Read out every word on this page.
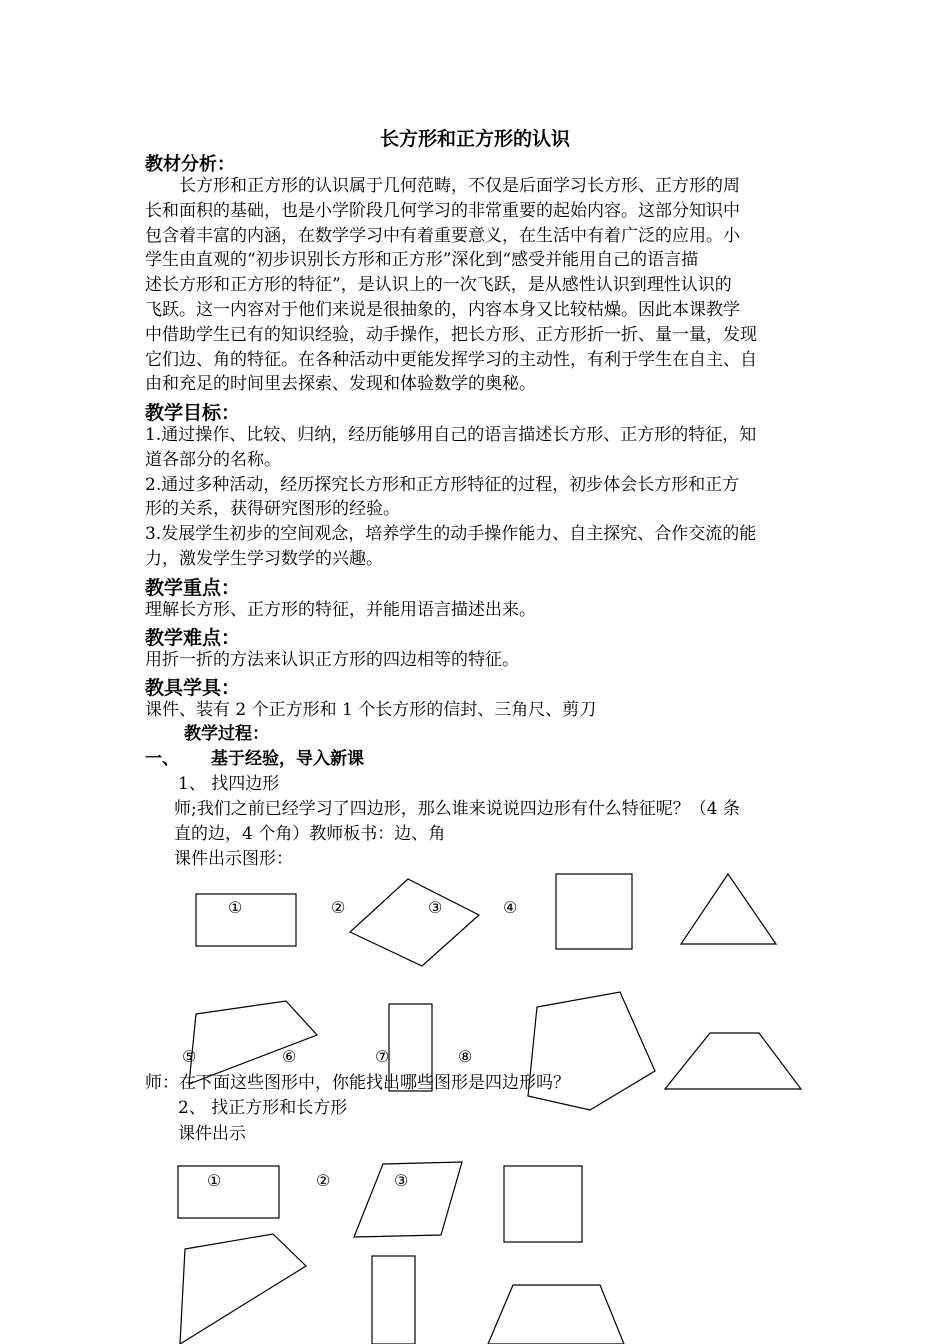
长方形和正方形的认识
教材分析：
　　长方形和正方形的认识属于几何范畴，不仅是后面学习长方形、正方形的周
长和面积的基础，也是小学阶段几何学习的非常重要的起始内容。这部分知识中
包含着丰富的内涵，在数学学习中有着重要意义，在生活中有着广泛的应用。小
学生由直观的“初步识别长方形和正方形”深化到“感受并能用自己的语言描
述长方形和正方形的特征”，是认识上的一次飞跃，是从感性认识到理性认识的
飞跃。这一内容对于他们来说是很抽象的，内容本身又比较枯燥。因此本课教学
中借助学生已有的知识经验，动手操作，把长方形、正方形折一折、量一量，发现
它们边、角的特征。在各种活动中更能发挥学习的主动性，有利于学生在自主、自
由和充足的时间里去探索、发现和体验数学的奥秘。
教学目标：
1.通过操作、比较、归纳，经历能够用自己的语言描述长方形、正方形的特征，知
道各部分的名称。
2.通过多种活动，经历探究长方形和正方形特征的过程，初步体会长方形和正方
形的关系，获得研究图形的经验。
3.发展学生初步的空间观念，培养学生的动手操作能力、自主探究、合作交流的能
力，激发学生学习数学的兴趣。
教学重点：
理解长方形、正方形的特征，并能用语言描述出来。
教学难点：
用折一折的方法来认识正方形的四边相等的特征。
教具学具：
课件、装有 2 个正方形和 1 个长方形的信封、三角尺、剪刀
教学过程：
一、 基于经验，导入新课
1、 找四边形
师;我们之前已经学习了四边形，那么谁来说说四边形有什么特征呢？（4 条
直的边，4 个角）教师板书：边、角
课件出示图形：
①	②	③	④
⑤	⑥	⑦	⑧
师：在下面这些图形中，你能找出哪些图形是四边形吗？
2、 找正方形和长方形
课件出示
①	②	③
